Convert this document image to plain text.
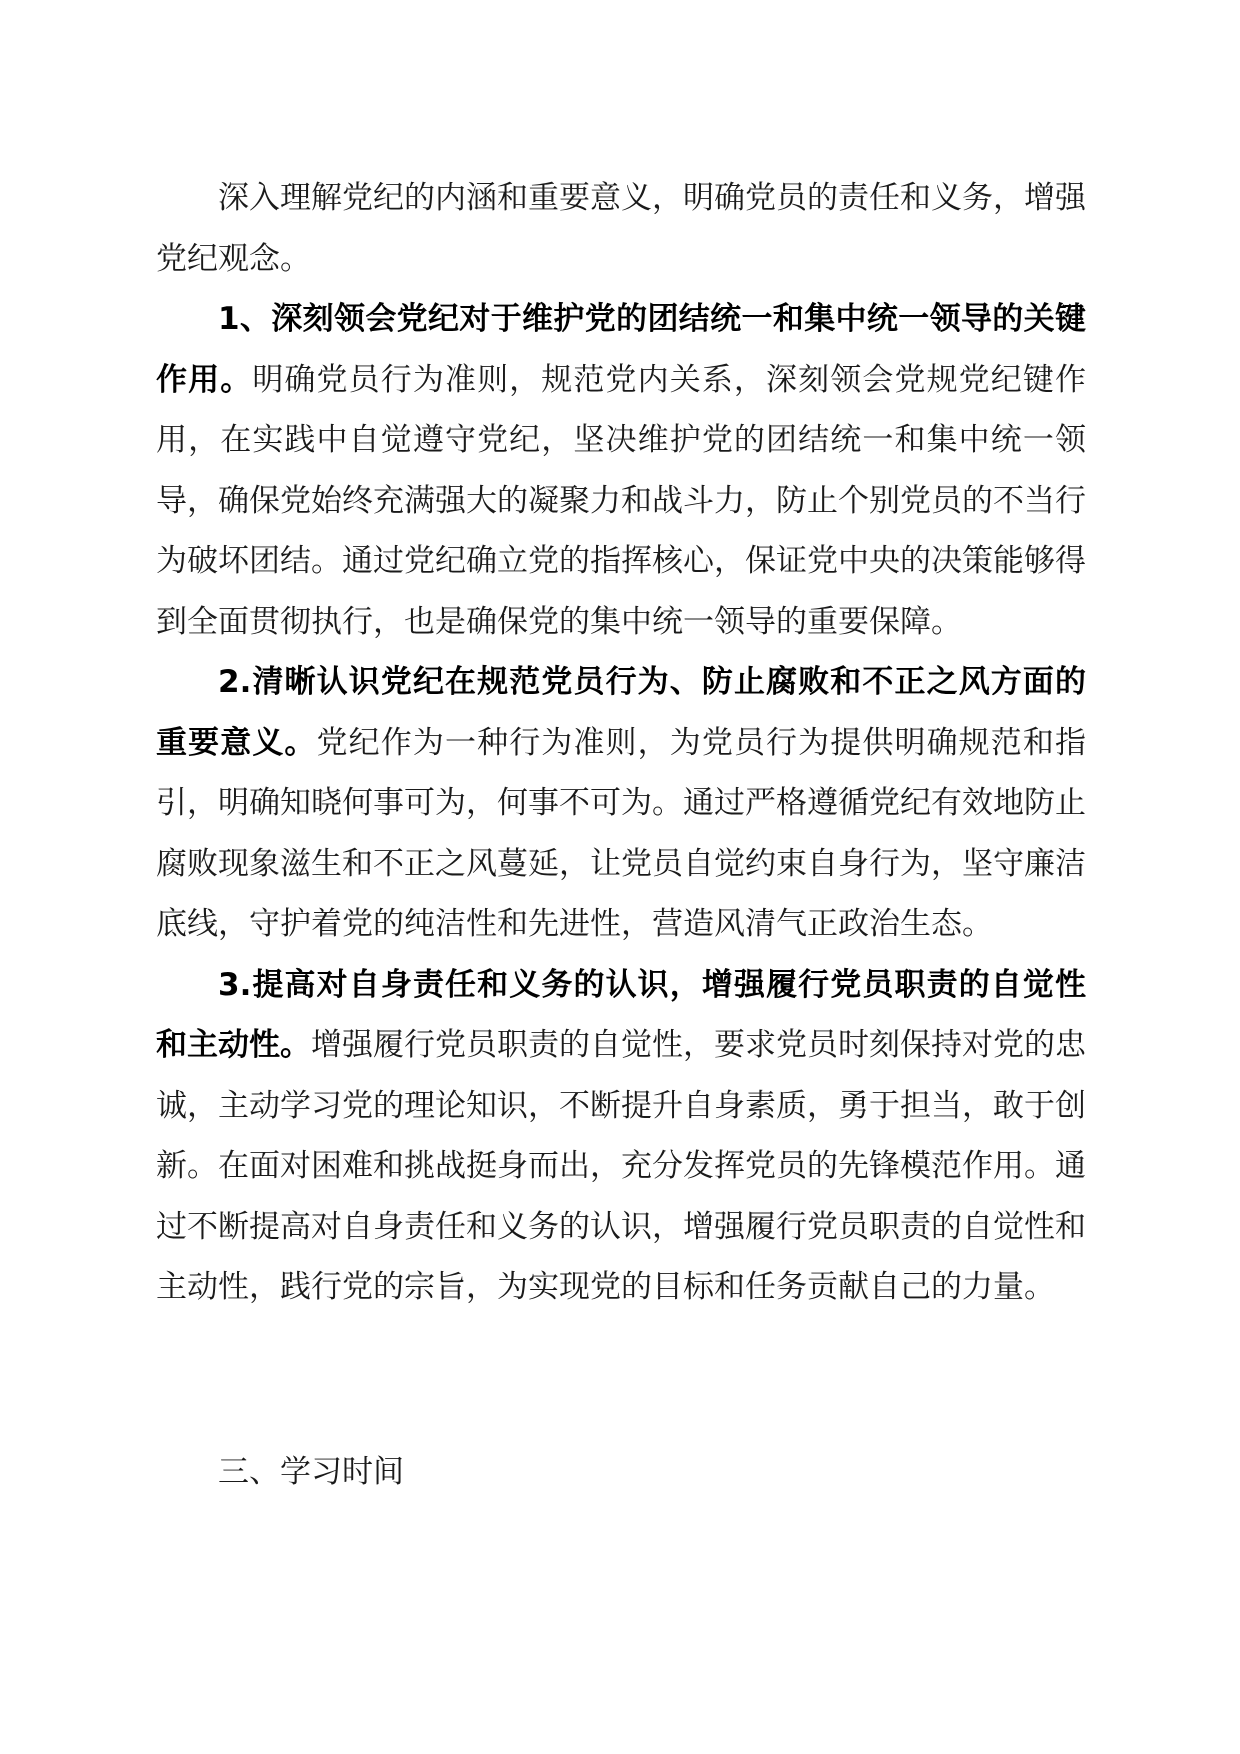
深入理解党纪的内涵和重要意义，明确党员的责任和义务，增强党纪观念。

1、深刻领会党纪对于维护党的团结统一和集中统一领导的关键作用。明确党员行为准则，规范党内关系，深刻领会党规党纪键作用，在实践中自觉遵守党纪，坚决维护党的团结统一和集中统一领导，确保党始终充满强大的凝聚力和战斗力，防止个别党员的不当行为破坏团结。通过党纪确立党的指挥核心，保证党中央的决策能够得到全面贯彻执行，也是确保党的集中统一领导的重要保障。

2.清晰认识党纪在规范党员行为、防止腐败和不正之风方面的重要意义。党纪作为一种行为准则，为党员行为提供明确规范和指引，明确知晓何事可为，何事不可为。通过严格遵循党纪有效地防止腐败现象滋生和不正之风蔓延，让党员自觉约束自身行为，坚守廉洁底线，守护着党的纯洁性和先进性，营造风清气正政治生态。

3.提高对自身责任和义务的认识，增强履行党员职责的自觉性和主动性。增强履行党员职责的自觉性，要求党员时刻保持对党的忠诚，主动学习党的理论知识，不断提升自身素质，勇于担当，敢于创新。在面对困难和挑战挺身而出，充分发挥党员的先锋模范作用。通过不断提高对自身责任和义务的认识，增强履行党员职责的自觉性和主动性，践行党的宗旨，为实现党的目标和任务贡献自己的力量。

三、学习时间
